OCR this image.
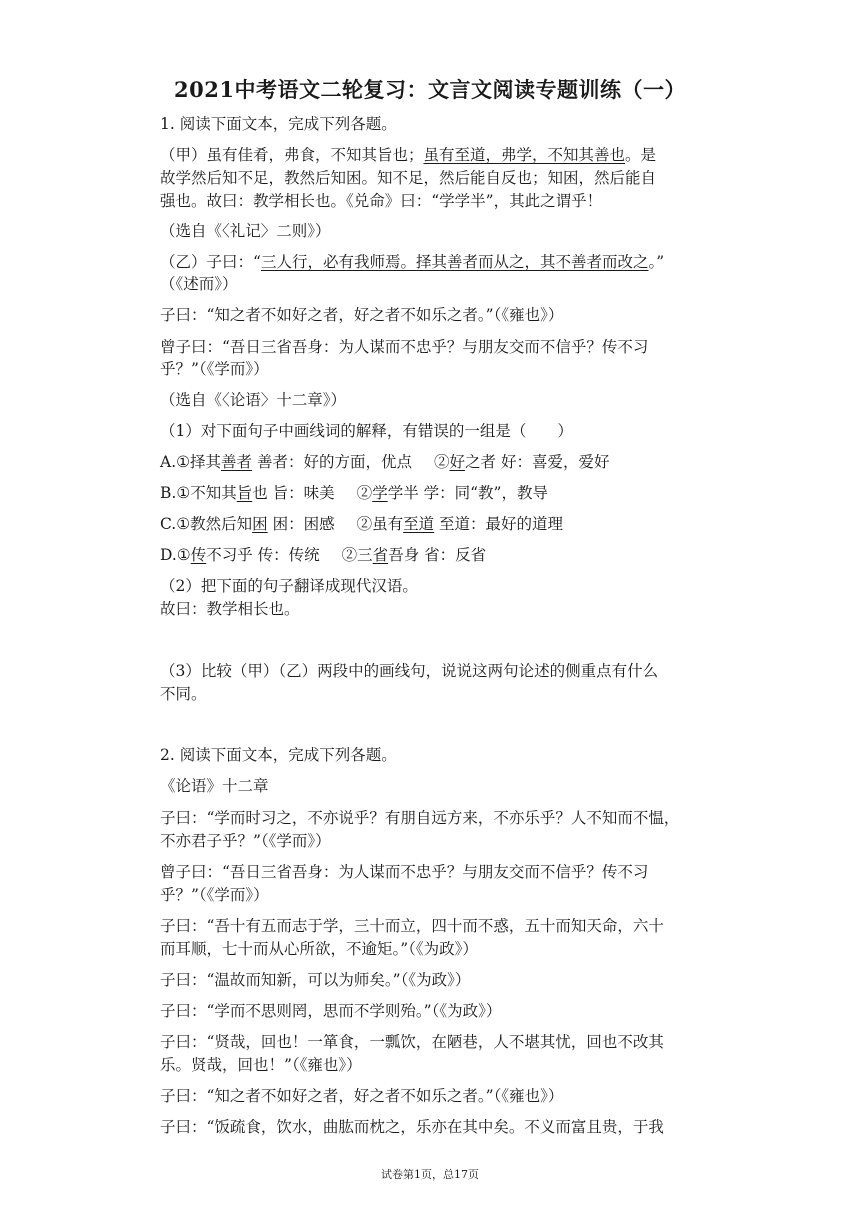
2021中考语文二轮复习：文言文阅读专题训练（一）
1. 阅读下面文本，完成下列各题。
（甲）虽有佳肴，弗食，不知其旨也；虽有至道，弗学，不知其善也。是
故学然后知不足，教然后知困。知不足，然后能自反也；知困，然后能自
强也。故曰：教学相长也。《兑命》曰：“学学半”，其此之谓乎！
（选自《〈礼记〉二则》）
（乙）子曰：“三人行，必有我师焉。择其善者而从之，其不善者而改之。”
（《述而》）
子曰：“知之者不如好之者，好之者不如乐之者。”（《雍也》）
曾子曰：“吾日三省吾身：为人谋而不忠乎？与朋友交而不信乎？传不习
乎？”（《学而》）
（选自《〈论语〉十二章》）
（1）对下面句子中画线词的解释，有错误的一组是（　　）
A.①择其善者 善者：好的方面，优点 ②好之者 好：喜爱，爱好
B.①不知其旨也 旨：味美 ②学学半 学：同“教”，教导
C.①教然后知困 困：困感 ②虽有至道 至道：最好的道理
D.①传不习乎 传：传统 ②三省吾身 省：反省
（2）把下面的句子翻译成现代汉语。
故曰：教学相长也。
（3）比较（甲）（乙）两段中的画线句，说说这两句论述的侧重点有什么
不同。
2. 阅读下面文本，完成下列各题。
《论语》十二章
子曰：“学而时习之，不亦说乎？有朋自远方来，不亦乐乎？人不知而不愠，
不亦君子乎？”（《学而》）
曾子曰：“吾日三省吾身：为人谋而不忠乎？与朋友交而不信乎？传不习
乎？”（《学而》）
子曰：“吾十有五而志于学，三十而立，四十而不惑，五十而知天命，六十
而耳顺，七十而从心所欲，不逾矩。”（《为政》）
子曰：“温故而知新，可以为师矣。”（《为政》）
子曰：“学而不思则罔，思而不学则殆。”（《为政》）
子曰：“贤哉，回也！一箪食，一瓢饮，在陋巷，人不堪其忧，回也不改其
乐。贤哉，回也！”（《雍也》）
子曰：“知之者不如好之者，好之者不如乐之者。”（《雍也》）
子曰：“饭疏食，饮水，曲肱而枕之，乐亦在其中矣。不义而富且贵，于我
试卷第1页，总17页
